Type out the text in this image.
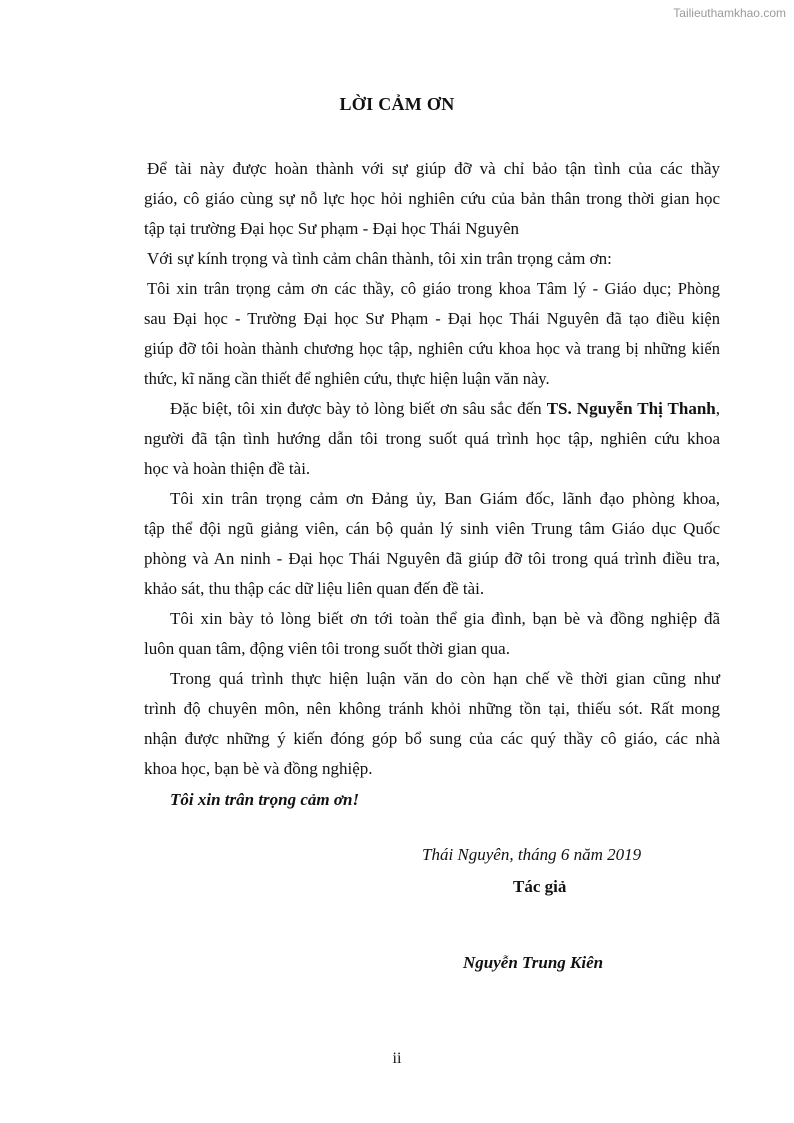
Tailieuthamkhao.com
LỜI CẢM ƠN
Để tài này được hoàn thành với sự giúp đỡ và chỉ bảo tận tình của các thầy
giáo, cô giáo cùng sự nỗ lực học hỏi nghiên cứu của bản thân trong thời gian học
tập tại trường Đại học Sư phạm - Đại học Thái Nguyên
Với sự kính trọng và tình cảm chân thành, tôi xin trân trọng cảm ơn:
Tôi xin trân trọng cảm ơn các thầy, cô giáo trong khoa Tâm lý - Giáo dục; Phòng
sau Đại học - Trường Đại học Sư Phạm - Đại học Thái Nguyên đã tạo điều kiện
giúp đỡ tôi hoàn thành chương học tập, nghiên cứu khoa học và trang bị những kiến
thức, kĩ năng cần thiết để nghiên cứu, thực hiện luận văn này.
Đặc biệt, tôi xin được bày tỏ lòng biết ơn sâu sắc đến TS. Nguyễn Thị Thanh,
người đã tận tình hướng dẫn tôi trong suốt quá trình học tập, nghiên cứu khoa
học và hoàn thiện đề tài.
Tôi xin trân trọng cảm ơn Đảng ủy, Ban Giám đốc, lãnh đạo phòng khoa,
tập thể đội ngũ giảng viên, cán bộ quản lý sinh viên Trung tâm Giáo dục Quốc
phòng và An ninh - Đại học Thái Nguyên đã giúp đỡ tôi trong quá trình điều tra,
khảo sát, thu thập các dữ liệu liên quan đến đề tài.
Tôi xin bày tỏ lòng biết ơn tới toàn thể gia đình, bạn bè và đồng nghiệp đã
luôn quan tâm, động viên tôi trong suốt thời gian qua.
Trong quá trình thực hiện luận văn do còn hạn chế về thời gian cũng như
trình độ chuyên môn, nên không tránh khỏi những tồn tại, thiếu sót. Rất mong
nhận được những ý kiến đóng góp bổ sung của các quý thầy cô giáo, các nhà
khoa học, bạn bè và đồng nghiệp.
Tôi xin trân trọng cảm ơn!
Thái Nguyên, tháng 6 năm 2019
Tác giả
Nguyễn Trung Kiên
ii
